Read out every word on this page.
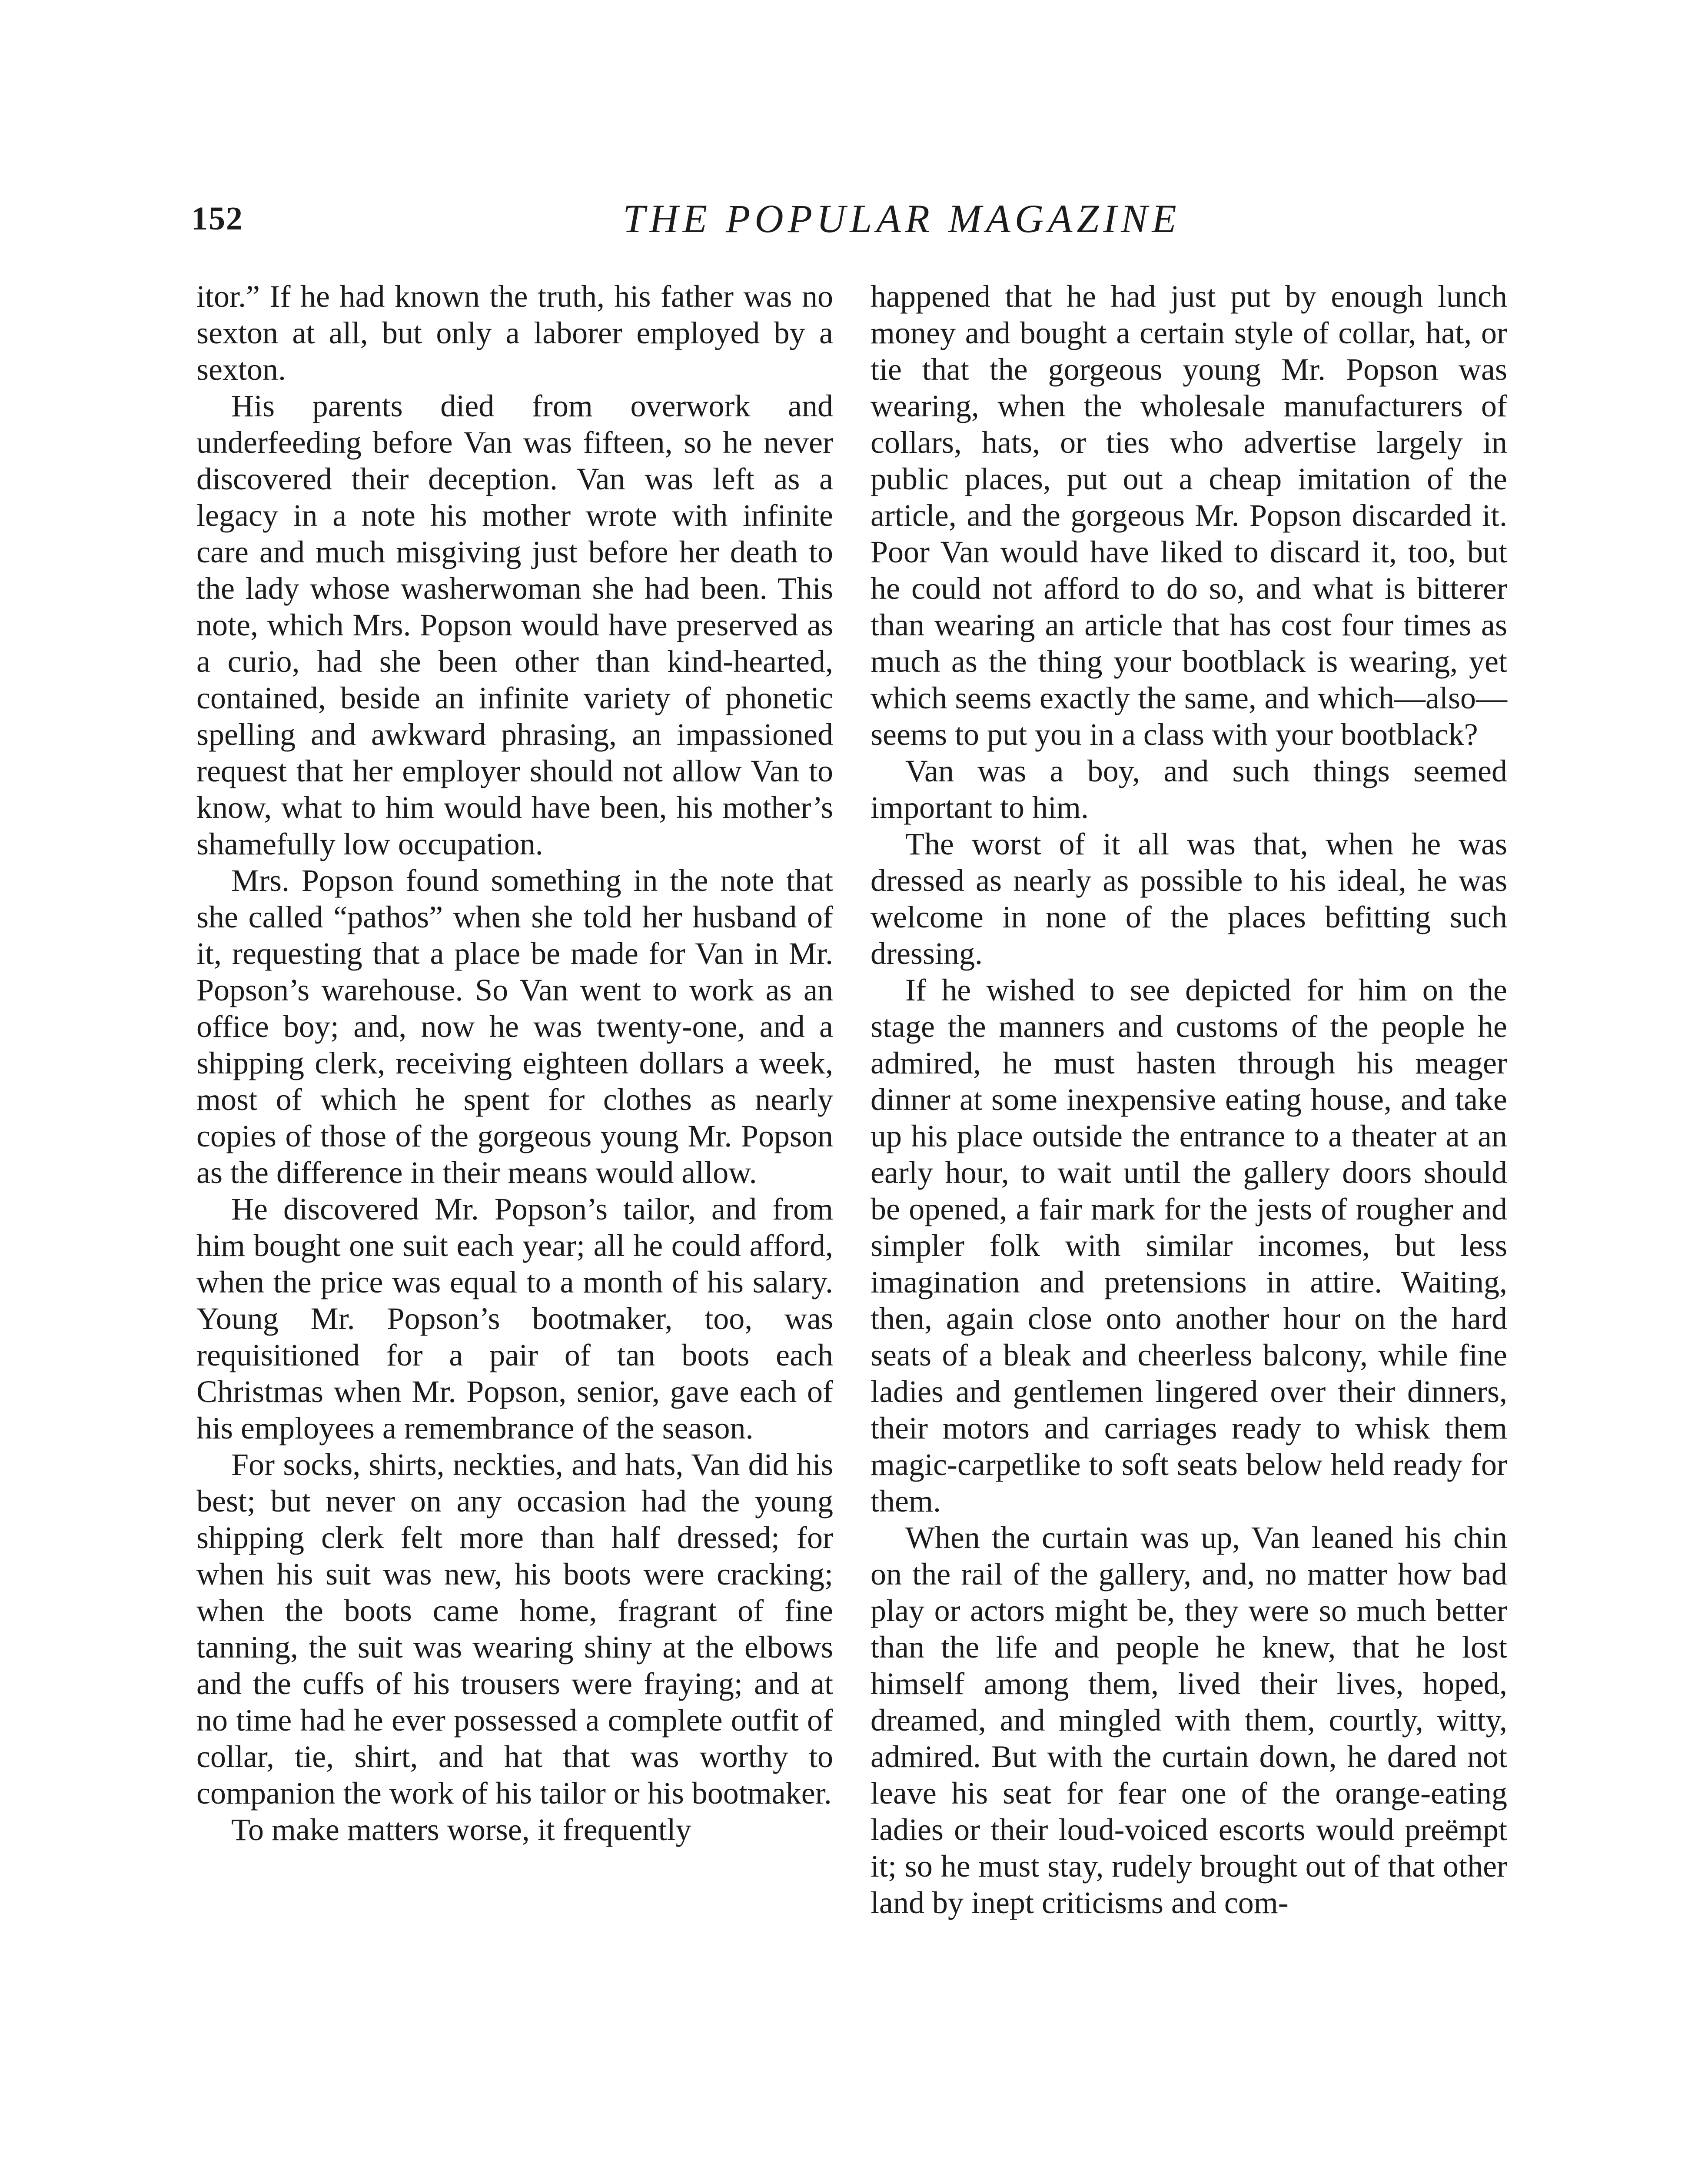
152	THE POPULAR MAGAZINE

itor.” If he had known the truth, his father was no sexton at all, but only a laborer employed by a sexton.

His parents died from overwork and underfeeding before Van was fifteen, so he never discovered their deception. Van was left as a legacy in a note his mother wrote with infinite care and much misgiving just before her death to the lady whose washerwoman she had been. This note, which Mrs. Popson would have preserved as a curio, had she been other than kind-hearted, contained, beside an infinite variety of phonetic spelling and awkward phrasing, an impassioned request that her employer should not allow Van to know, what to him would have been, his mother’s shamefully low occupation.

Mrs. Popson found something in the note that she called “pathos” when she told her husband of it, requesting that a place be made for Van in Mr. Popson’s warehouse. So Van went to work as an office boy; and, now he was twenty-one, and a shipping clerk, receiving eighteen dollars a week, most of which he spent for clothes as nearly copies of those of the gorgeous young Mr. Popson as the difference in their means would allow.

He discovered Mr. Popson’s tailor, and from him bought one suit each year; all he could afford, when the price was equal to a month of his salary. Young Mr. Popson’s bootmaker, too, was requisitioned for a pair of tan boots each Christmas when Mr. Popson, senior, gave each of his employees a remembrance of the season.

For socks, shirts, neckties, and hats, Van did his best; but never on any occasion had the young shipping clerk felt more than half dressed; for when his suit was new, his boots were cracking; when the boots came home, fragrant of fine tanning, the suit was wearing shiny at the elbows and the cuffs of his trousers were fraying; and at no time had he ever possessed a complete outfit of collar, tie, shirt, and hat that was worthy to companion the work of his tailor or his bootmaker.

To make matters worse, it frequently

happened that he had just put by enough lunch money and bought a certain style of collar, hat, or tie that the gorgeous young Mr. Popson was wearing, when the wholesale manufacturers of collars, hats, or ties who advertise largely in public places, put out a cheap imitation of the article, and the gorgeous Mr. Popson discarded it. Poor Van would have liked to discard it, too, but he could not afford to do so, and what is bitterer than wearing an article that has cost four times as much as the thing your bootblack is wearing, yet which seems exactly the same, and which—also—seems to put you in a class with your bootblack?

Van was a boy, and such things seemed important to him.

The worst of it all was that, when he was dressed as nearly as possible to his ideal, he was welcome in none of the places befitting such dressing.

If he wished to see depicted for him on the stage the manners and customs of the people he admired, he must hasten through his meager dinner at some inexpensive eating house, and take up his place outside the entrance to a theater at an early hour, to wait until the gallery doors should be opened, a fair mark for the jests of rougher and simpler folk with similar incomes, but less imagination and pretensions in attire. Waiting, then, again close onto another hour on the hard seats of a bleak and cheerless balcony, while fine ladies and gentlemen lingered over their dinners, their motors and carriages ready to whisk them magic-carpetlike to soft seats below held ready for them.

When the curtain was up, Van leaned his chin on the rail of the gallery, and, no matter how bad play or actors might be, they were so much better than the life and people he knew, that he lost himself among them, lived their lives, hoped, dreamed, and mingled with them, courtly, witty, admired. But with the curtain down, he dared not leave his seat for fear one of the orange-eating ladies or their loud-voiced escorts would preëmpt it; so he must stay, rudely brought out of that other land by inept criticisms and com-
